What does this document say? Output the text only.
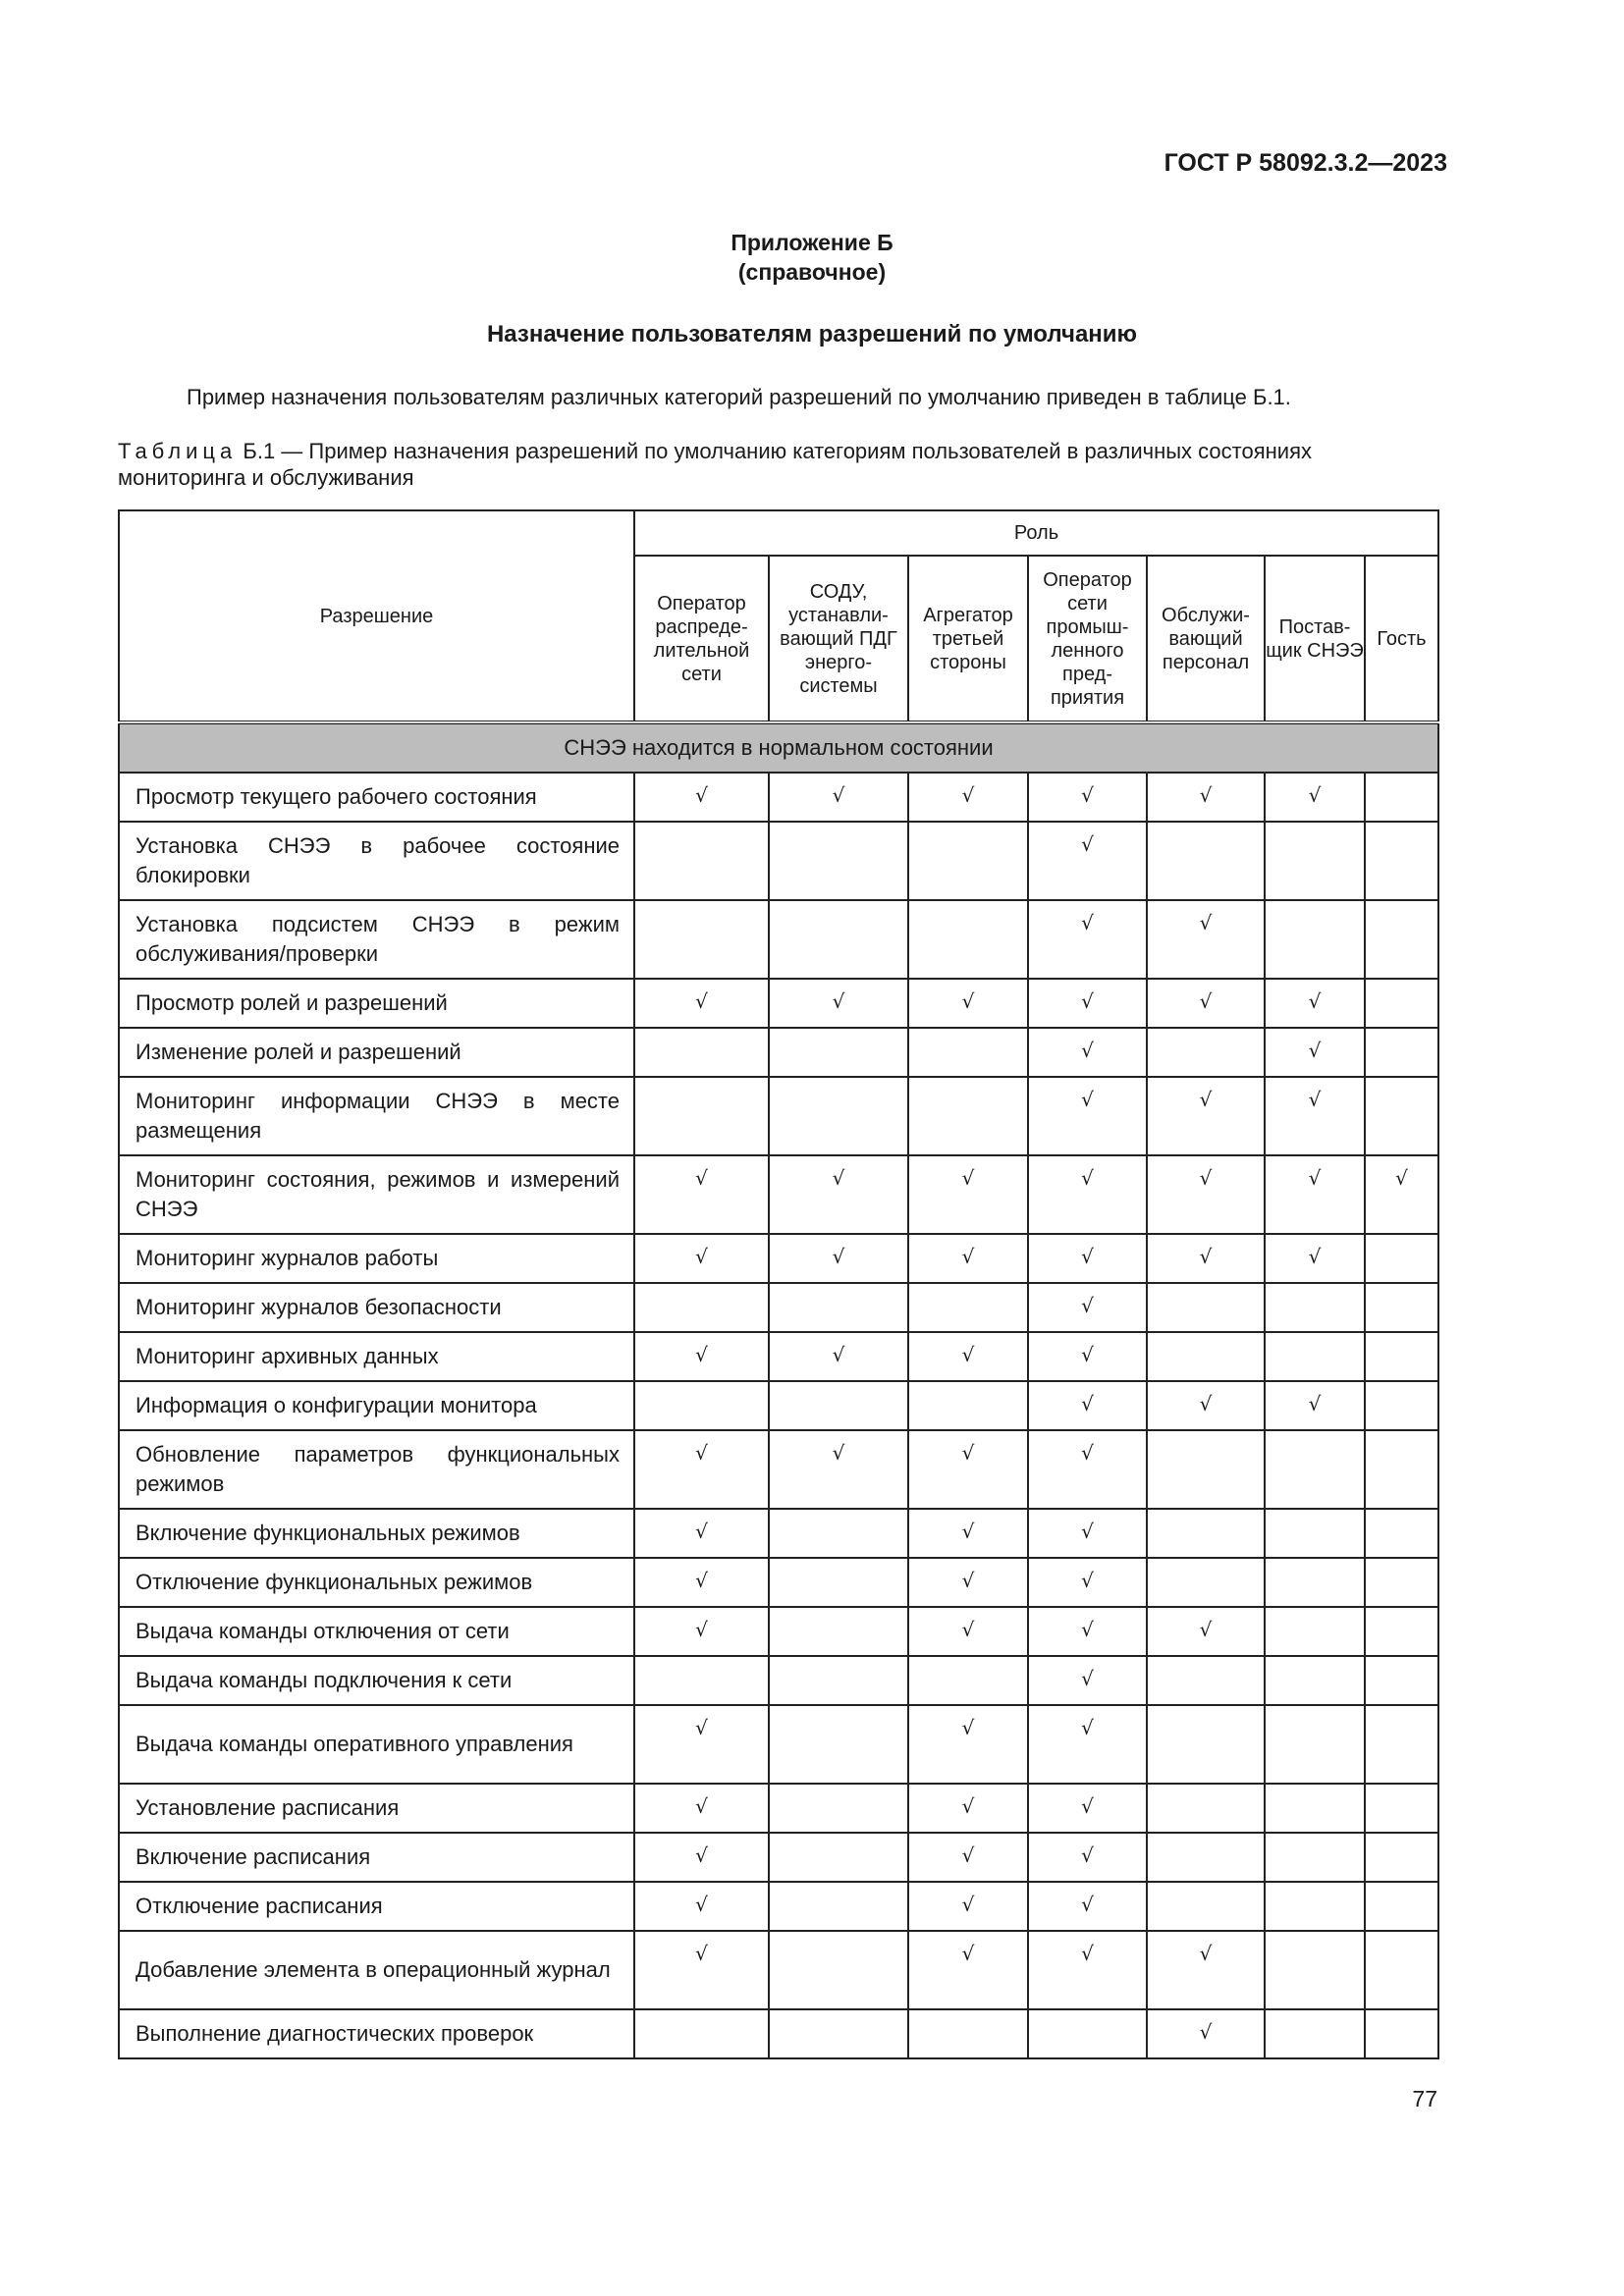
ГОСТ Р 58092.3.2—2023
Приложение Б
(справочное)
Назначение пользователям разрешений по умолчанию
Пример назначения пользователям различных категорий разрешений по умолчанию приведен в таблице Б.1.
Таблица Б.1 — Пример назначения разрешений по умолчанию категориям пользователей в различных состояниях мониторинга и обслуживания
Разрешение	Роль						
	Оператор распреде-лительной сети	СОДУ, устанавли-вающий ПДГ энерго-системы	Агрегатор третьей стороны	Оператор сети промыш-ленного пред-приятия	Обслужи-вающий персонал	Постав-щик СНЭЭ	Гость
СНЭЭ находится в нормальном состоянии							
Просмотр текущего рабочего состояния	√	√	√	√	√	√	
Установка СНЭЭ в рабочее состояние блокировки				√			
Установка подсистем СНЭЭ в режим обслуживания/проверки				√	√		
Просмотр ролей и разрешений	√	√	√	√	√	√	
Изменение ролей и разрешений				√		√	
Мониторинг информации СНЭЭ в месте размещения				√	√	√	
Мониторинг состояния, режимов и измерений СНЭЭ	√	√	√	√	√	√	√
Мониторинг журналов работы	√	√	√	√	√	√	
Мониторинг журналов безопасности				√			
Мониторинг архивных данных	√	√	√	√			
Информация о конфигурации монитора				√	√	√	
Обновление параметров функциональных режимов	√	√	√	√			
Включение функциональных режимов	√		√	√			
Отключение функциональных режимов	√		√	√			
Выдача команды отключения от сети	√		√	√	√		
Выдача команды подключения к сети				√			
Выдача команды оперативного управления	√		√	√			
Установление расписания	√		√	√			
Включение расписания	√		√	√			
Отключение расписания	√		√	√			
Добавление элемента в операционный журнал	√		√	√	√		
Выполнение диагностических проверок					√		
77
